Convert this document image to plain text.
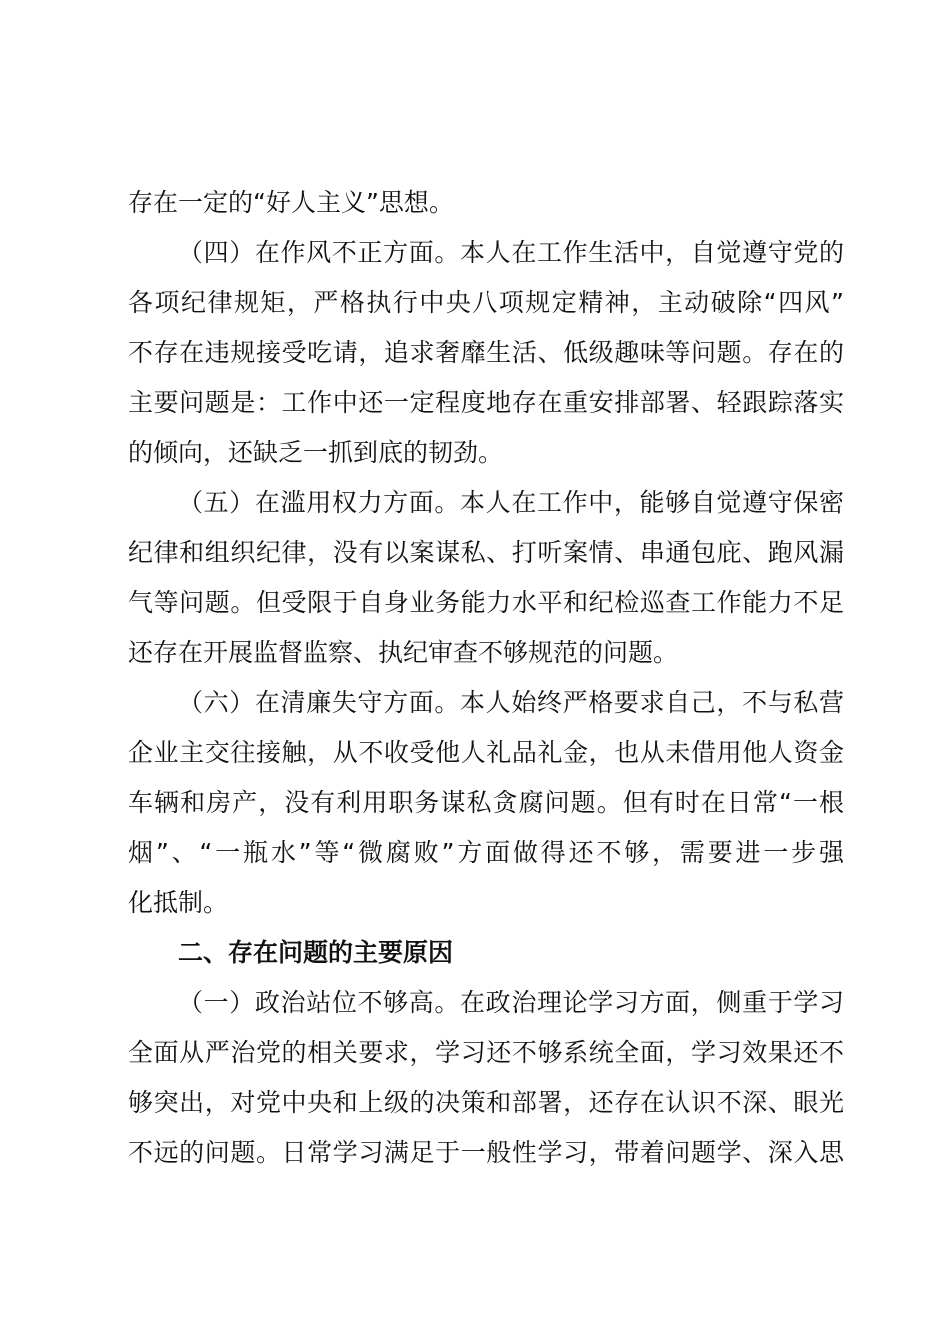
存在一定的“好人主义”思想。
（四）在作风不正方面。本人在工作生活中，自觉遵守党的
各项纪律规矩，严格执行中央八项规定精神，主动破除“四风”
不存在违规接受吃请，追求奢靡生活、低级趣味等问题。存在的
主要问题是：工作中还一定程度地存在重安排部署、轻跟踪落实
的倾向，还缺乏一抓到底的韧劲。
（五）在滥用权力方面。本人在工作中，能够自觉遵守保密
纪律和组织纪律，没有以案谋私、打听案情、串通包庇、跑风漏
气等问题。但受限于自身业务能力水平和纪检巡查工作能力不足
还存在开展监督监察、执纪审查不够规范的问题。
（六）在清廉失守方面。本人始终严格要求自己，不与私营
企业主交往接触，从不收受他人礼品礼金，也从未借用他人资金
车辆和房产，没有利用职务谋私贪腐问题。但有时在日常“一根
烟”、“一瓶水”等“微腐败”方面做得还不够，需要进一步强
化抵制。
二、存在问题的主要原因
（一）政治站位不够高。在政治理论学习方面，侧重于学习
全面从严治党的相关要求，学习还不够系统全面，学习效果还不
够突出，对党中央和上级的决策和部署，还存在认识不深、眼光
不远的问题。日常学习满足于一般性学习，带着问题学、深入思
